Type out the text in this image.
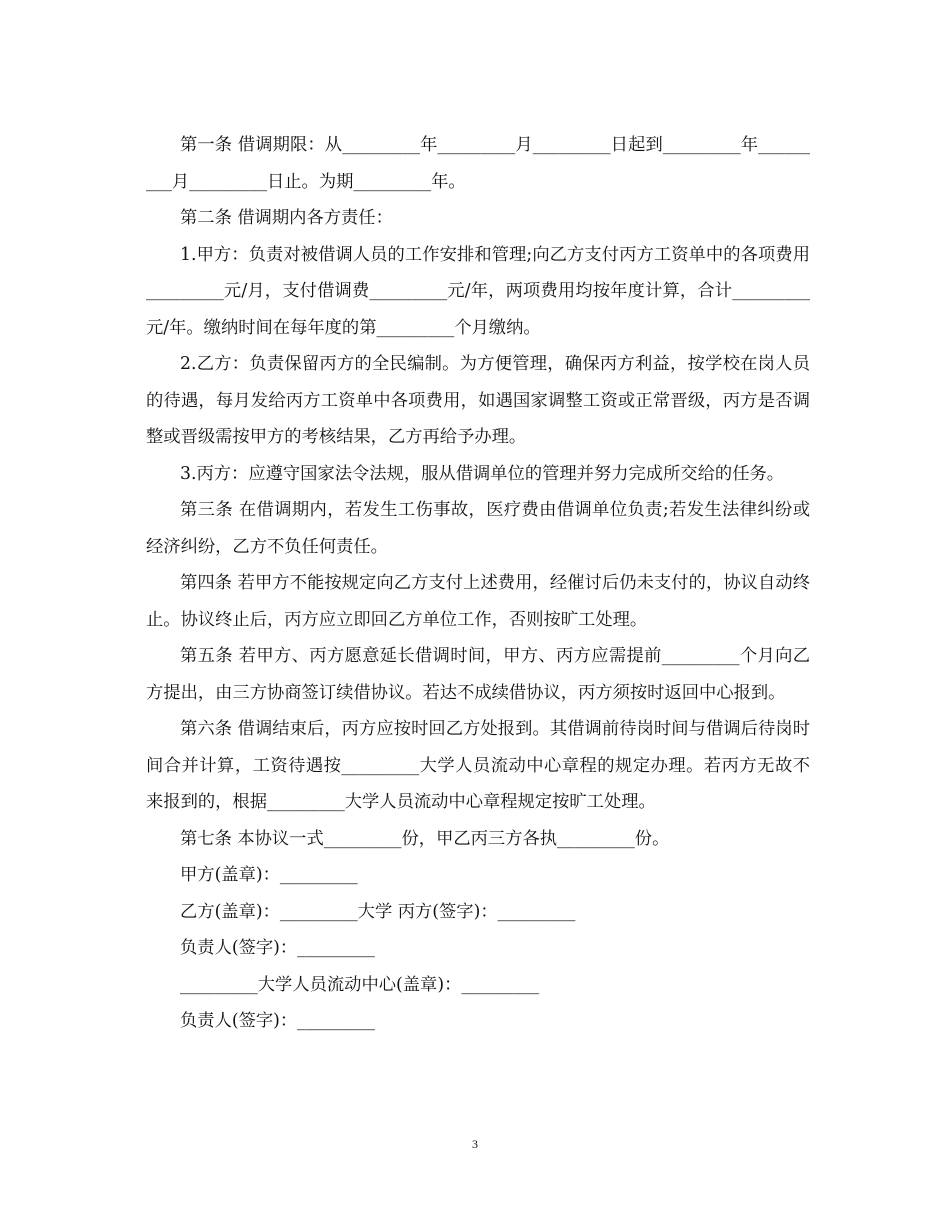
第一条 借调期限：从_________年_________月_________日起到_________年_________月_________日止。为期_________年。

第二条 借调期内各方责任：

1.甲方：负责对被借调人员的工作安排和管理;向乙方支付丙方工资单中的各项费用_________元/月，支付借调费_________元/年，两项费用均按年度计算，合计_________元/年。缴纳时间在每年度的第_________个月缴纳。

2.乙方：负责保留丙方的全民编制。为方便管理，确保丙方利益，按学校在岗人员的待遇，每月发给丙方工资单中各项费用，如遇国家调整工资或正常晋级，丙方是否调整或晋级需按甲方的考核结果，乙方再给予办理。

3.丙方：应遵守国家法令法规，服从借调单位的管理并努力完成所交给的任务。

第三条 在借调期内，若发生工伤事故，医疗费由借调单位负责;若发生法律纠纷或经济纠纷，乙方不负任何责任。

第四条 若甲方不能按规定向乙方支付上述费用，经催讨后仍未支付的，协议自动终止。协议终止后，丙方应立即回乙方单位工作，否则按旷工处理。

第五条 若甲方、丙方愿意延长借调时间，甲方、丙方应需提前_________个月向乙方提出，由三方协商签订续借协议。若达不成续借协议，丙方须按时返回中心报到。

第六条 借调结束后，丙方应按时回乙方处报到。其借调前待岗时间与借调后待岗时间合并计算，工资待遇按_________大学人员流动中心章程的规定办理。若丙方无故不来报到的，根据_________大学人员流动中心章程规定按旷工处理。

第七条 本协议一式_________份，甲乙丙三方各执_________份。

甲方(盖章)：_________

乙方(盖章)：_________大学 丙方(签字)：_________

负责人(签字)：_________

_________大学人员流动中心(盖章)：_________

负责人(签字)：_________

3
